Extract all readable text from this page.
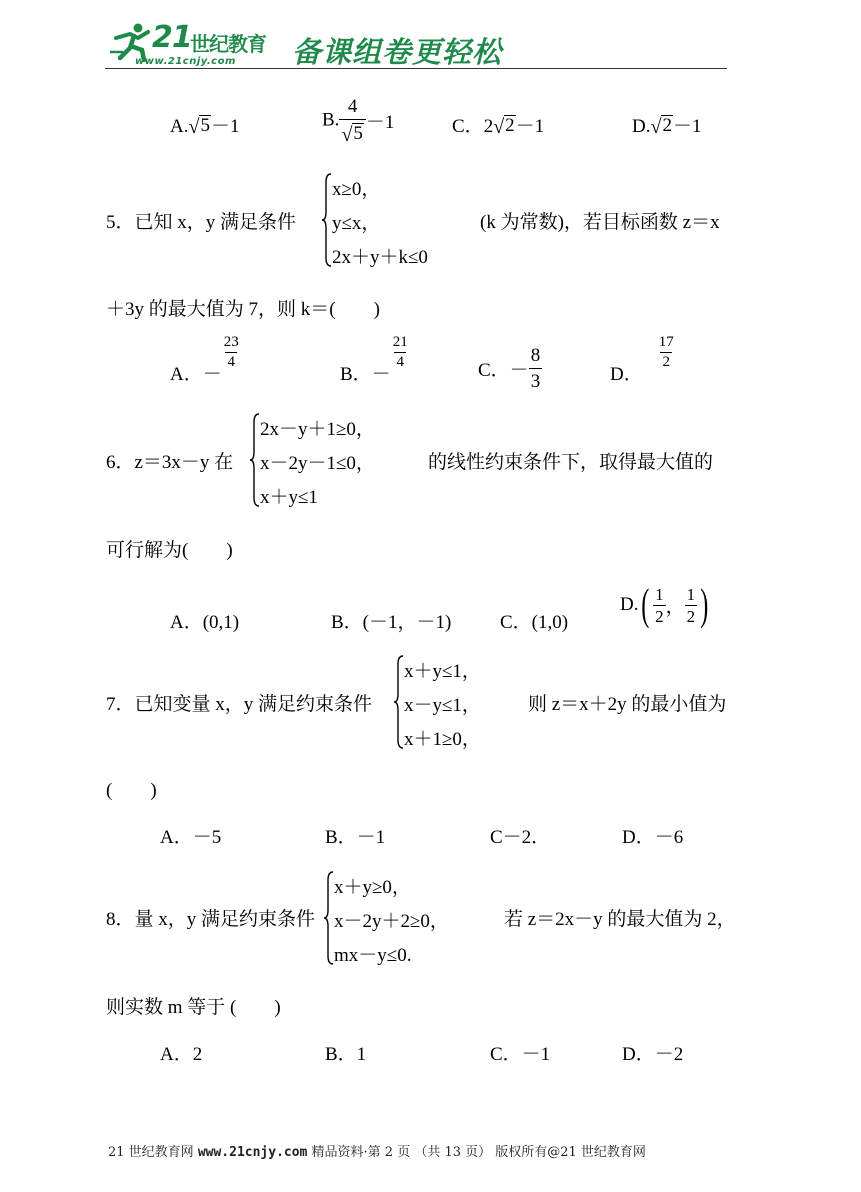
21
世纪教育
www.21cnjy.com 备课组卷更轻松
A. √ 5 －1	B. $\frac{4}{√ 5} -1$	C．2 √ 2 －1	D. √ 2 －1
5．已知 x，y 满足条件
x≥0，
y≤x，
2x＋y＋k≤0
(k 为常数)，若目标函数 z＝x
＋3y 的最大值为 7，则 k＝(　　)
A．－
$\frac{23}{4}$
B．－
$\frac{21}{4}$
C．－ $\frac{8}{3}$	D．
$\frac{17}{2}$
6．z＝3x－y 在
2x－y＋1≥0，
x－2y－1≤0，
x＋y≤1
的线性约束条件下，取得最大值的
可行解为(　　)
A．(0,1)	B．(－1，－1)	C．(1,0)
$D.( \frac{1}{2}$ ， $\frac{1}{2}$ )
7．已知变量 x，y 满足约束条件
x＋y≤1，
x－y≤1，
x＋1≥0，
则 z＝x＋2y 的最小值为
(　　)
A．－5	B．－1	C－2．	D．－6
8．量 x，y 满足约束条件
x＋y≥0，
x－2y＋2≥0，
mx－y≤0.
若 z＝2x－y 的最大值为 2，
则实数 m 等于 (　　)
A．2	B．1	C．－1	D．－2
21 世纪教育网 www.21cnjy.com 精品资料·第 2 页 （共 13 页） 版权所有@21 世纪教育网
